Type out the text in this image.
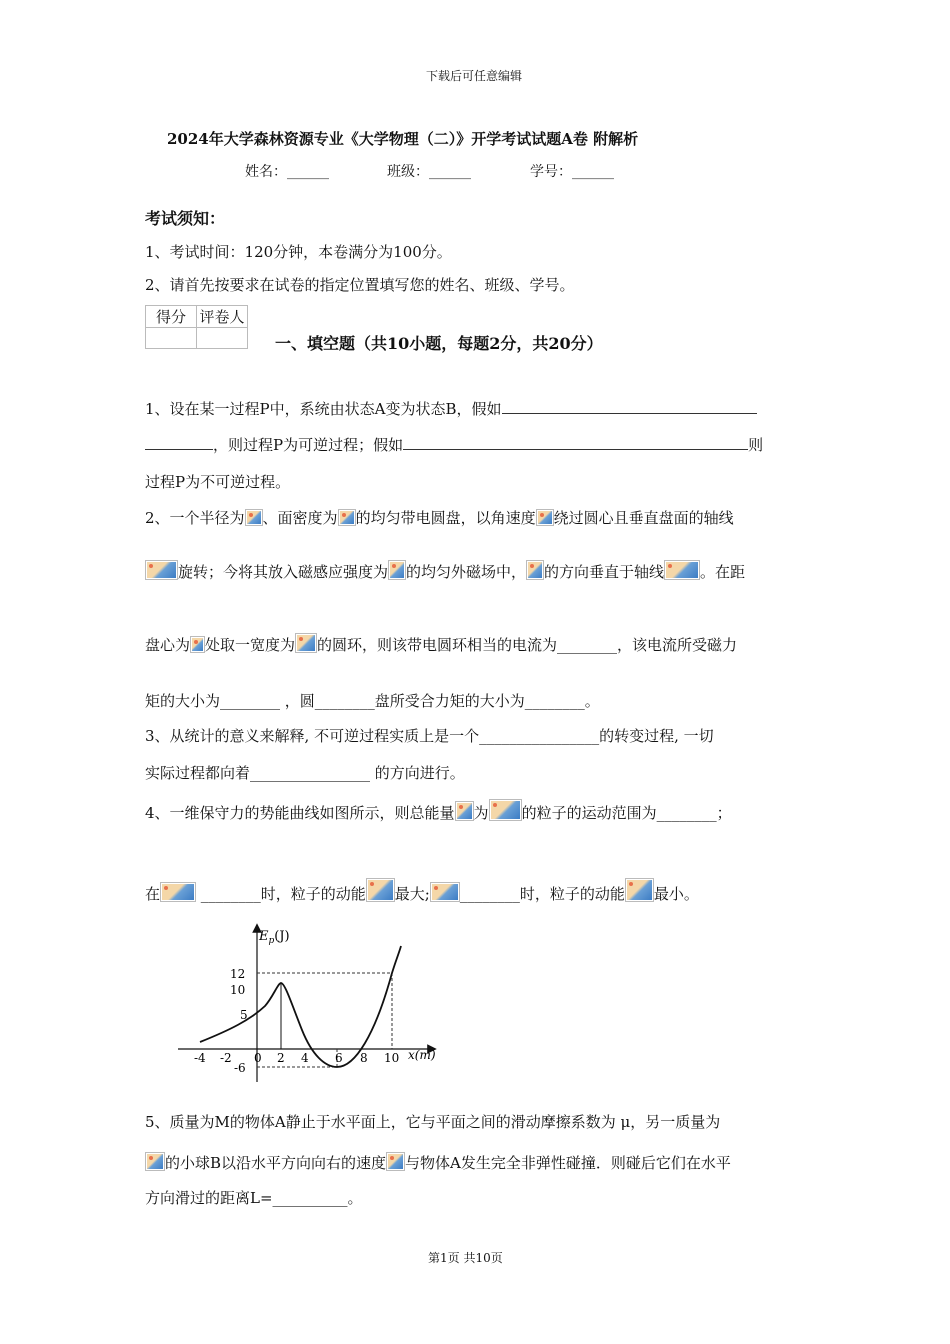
下载后可任意编辑
2024年大学森林资源专业《大学物理（二）》开学考试试题A卷 附解析
姓名：______	班级：______	学号：______
考试须知：
1、考试时间：120分钟，本卷满分为100分。
2、请首先按要求在试卷的指定位置填写您的姓名、班级、学号。
得分	评卷人

一、填空题（共10小题，每题2分，共20分）
1、设在某一过程P中，系统由状态A变为状态B，假如
，则过程P为可逆过程；假如	则
过程P为不可逆过程。
2、一个半径为 、面密度为 的均匀带电圆盘，以角速度 绕过圆心且垂直盘面的轴线
旋转；今将其放入磁感应强度为 的均匀外磁场中， 的方向垂直于轴线 。在距
盘心为 处取一宽度为 的圆环，则该带电圆环相当的电流为________，该电流所受磁力
矩的大小为________ ，圆________盘所受合力矩的大小为________。
3、从统计的意义来解释, 不可逆过程实质上是一个________________的转变过程, 一切
实际过程都向着________________ 的方向进行。
4、一维保守力的势能曲线如图所示，则总能量 为 的粒子的运动范围为________；
在 ________时，粒子的动能 最大; ________时，粒子的动能 最小。
$E_p(J)$
x(m)
12
10
5
-6
-4 -2 0 2 4 6 8 10
5、质量为M的物体A静止于水平面上，它与平面之间的滑动摩擦系数为 μ，另一质量为
的小球B以沿水平方向向右的速度 与物体A发生完全非弹性碰撞．则碰后它们在水平
方向滑过的距离L=__________。
第1页 共10页
